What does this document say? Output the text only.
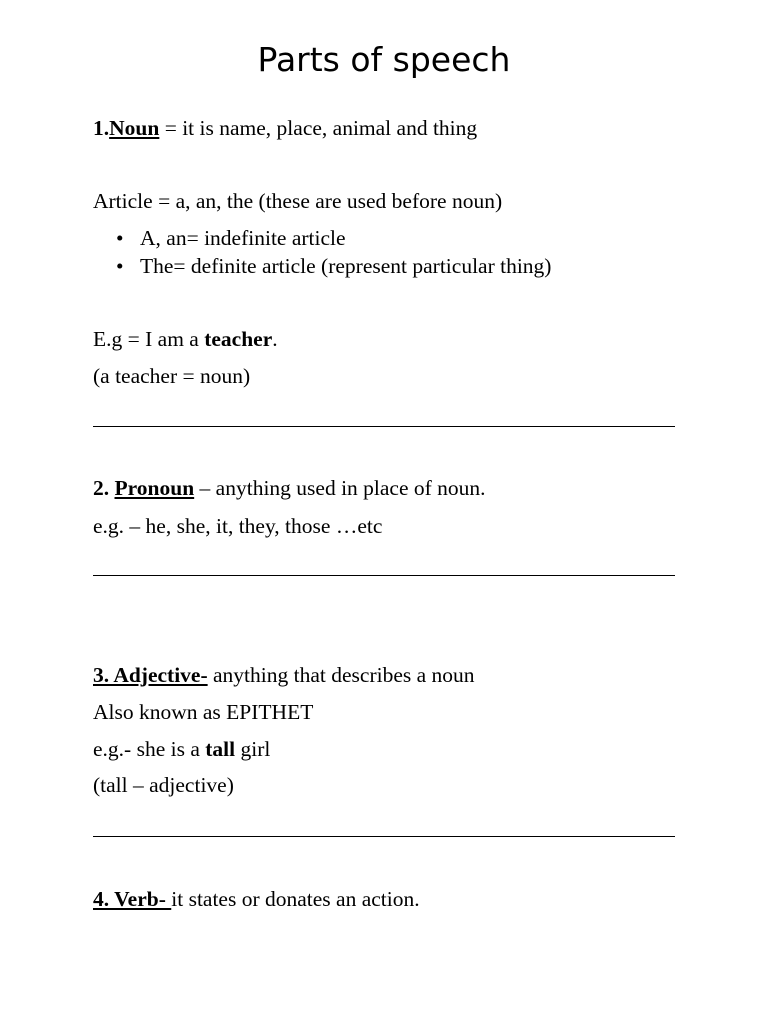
Parts of speech
1.Noun = it is name, place, animal and thing
Article = a, an, the (these are used before noun)
• A, an= indefinite article
• The= definite article (represent particular thing)
E.g = I am a teacher.
(a teacher = noun)
2. Pronoun – anything used in place of noun.
e.g. – he, she, it, they, those …etc
3. Adjective- anything that describes a noun
Also known as EPITHET
e.g.- she is a tall girl
(tall – adjective)
4. Verb- it states or donates an action.
